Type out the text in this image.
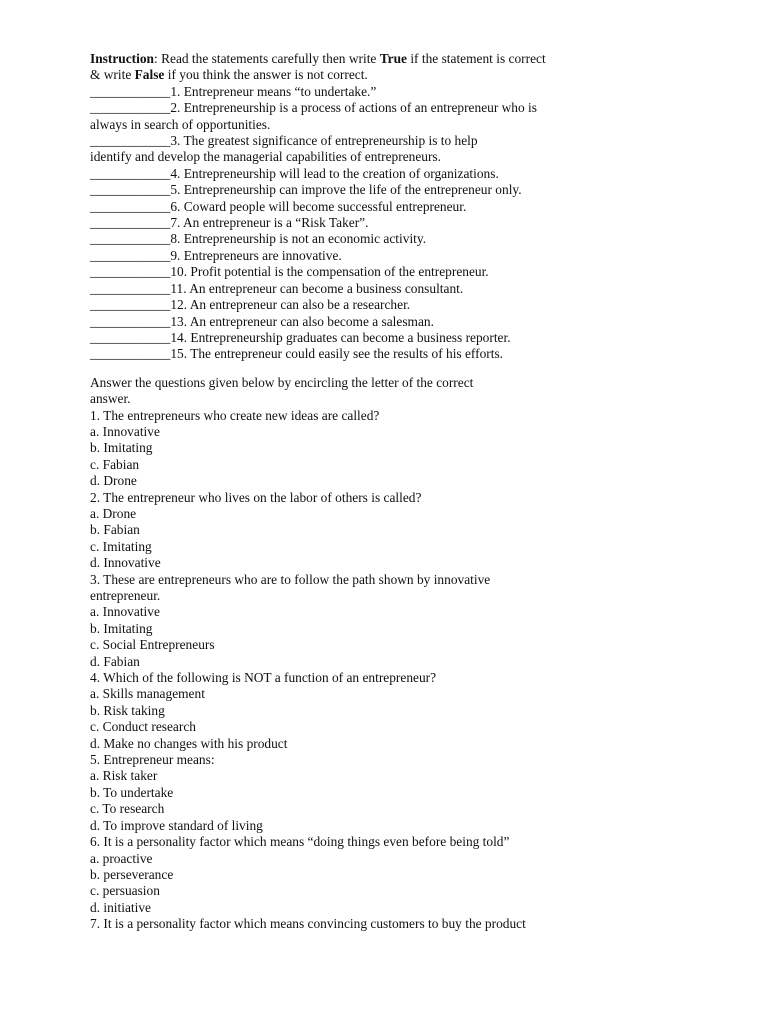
Instruction: Read the statements carefully then write True if the statement is correct

& write False if you think the answer is not correct.

____________1. Entrepreneur means “to undertake.”

____________2. Entrepreneurship is a process of actions of an entrepreneur who is

always in search of opportunities.

____________3. The greatest significance of entrepreneurship is to help

identify and develop the managerial capabilities of entrepreneurs.

____________4. Entrepreneurship will lead to the creation of organizations.

____________5. Entrepreneurship can improve the life of the entrepreneur only.

____________6. Coward people will become successful entrepreneur.

____________7. An entrepreneur is a “Risk Taker”.

____________8. Entrepreneurship is not an economic activity.

____________9. Entrepreneurs are innovative.

____________10. Profit potential is the compensation of the entrepreneur.

____________11. An entrepreneur can become a business consultant.

____________12. An entrepreneur can also be a researcher.

____________13. An entrepreneur can also become a salesman.

____________14. Entrepreneurship graduates can become a business reporter.

____________15. The entrepreneur could easily see the results of his efforts.

Answer the questions given below by encircling the letter of the correct

answer.

1. The entrepreneurs who create new ideas are called?

a. Innovative

b. Imitating

c. Fabian

d. Drone

2. The entrepreneur who lives on the labor of others is called?

a. Drone

b. Fabian

c. Imitating

d. Innovative

3. These are entrepreneurs who are to follow the path shown by innovative

entrepreneur.

a. Innovative

b. Imitating

c. Social Entrepreneurs

d. Fabian

4. Which of the following is NOT a function of an entrepreneur?

a. Skills management

b. Risk taking

c. Conduct research

d. Make no changes with his product

5. Entrepreneur means:

a. Risk taker

b. To undertake

c. To research

d. To improve standard of living

6. It is a personality factor which means “doing things even before being told”

a. proactive

b. perseverance

c. persuasion

d. initiative

7. It is a personality factor which means convincing customers to buy the product
